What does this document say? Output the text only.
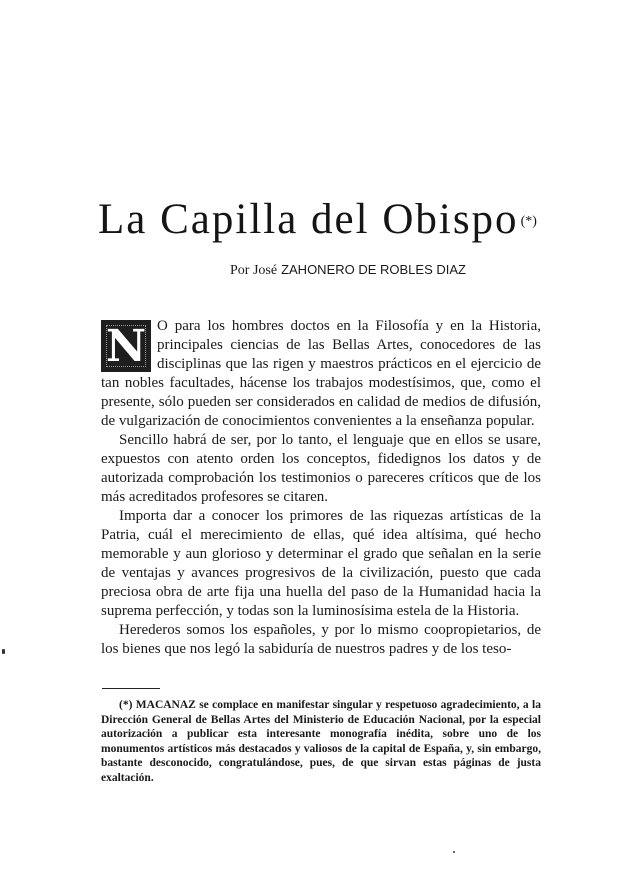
La Capilla del Obispo (*)
Por José ZAHONERO DE ROBLES DIAZ
N O para los hombres doctos en la Filosofía y en la Historia, principales ciencias de las Bellas Artes, conocedores de las disciplinas que las rigen y maestros prácticos en el ejercicio de tan nobles facultades, hácense los trabajos modestísimos, que, como el presente, sólo pueden ser considerados en calidad de medios de difusión, de vulgarización de conocimientos convenientes a la enseñanza popular.

Sencillo habrá de ser, por lo tanto, el lenguaje que en ellos se usare, expuestos con atento orden los conceptos, fidedignos los datos y de autorizada comprobación los testimonios o pareceres críticos que de los más acreditados profesores se citaren.

Importa dar a conocer los primores de las riquezas artísticas de la Patria, cuál el merecimiento de ellas, qué idea altísima, qué hecho memorable y aun glorioso y determinar el grado que señalan en la serie de ventajas y avances progresivos de la civilización, puesto que cada preciosa obra de arte fija una huella del paso de la Humanidad hacia la suprema perfección, y todas son la luminosísima estela de la Historia.

Herederos somos los españoles, y por lo mismo coopropietarios, de los bienes que nos legó la sabiduría de nuestros padres y de los teso-

(*) MACANAZ se complace en manifestar singular y respetuoso agradecimiento, a la Dirección General de Bellas Artes del Ministerio de Educación Nacional, por la especial autorización a publicar esta interesante monografía inédita, sobre uno de los monumentos artísticos más destacados y valiosos de la capital de España, y, sin embargo, bastante desconocido, congratulándose, pues, de que sirvan estas páginas de justa exaltación.
